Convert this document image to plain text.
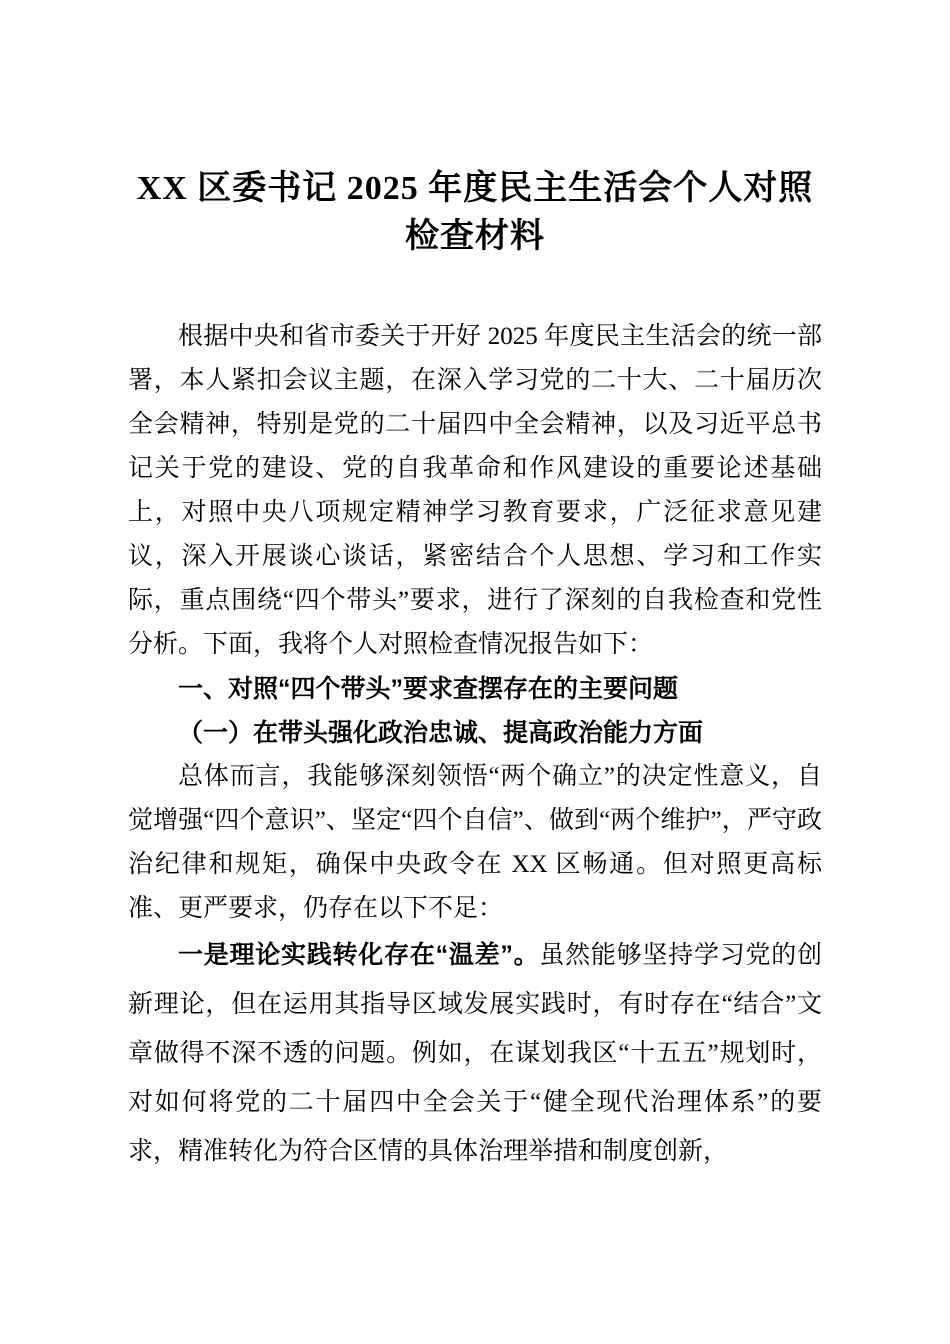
XX 区委书记 2025 年度民主生活会个人对照检查材料

根据中央和省市委关于开好 2025 年度民主生活会的统一部署，本人紧扣会议主题，在深入学习党的二十大、二十届历次全会精神，特别是党的二十届四中全会精神，以及习近平总书记关于党的建设、党的自我革命和作风建设的重要论述基础上，对照中央八项规定精神学习教育要求，广泛征求意见建议，深入开展谈心谈话，紧密结合个人思想、学习和工作实际，重点围绕“四个带头”要求，进行了深刻的自我检查和党性分析。下面，我将个人对照检查情况报告如下：

一、对照“四个带头”要求查摆存在的主要问题

（一）在带头强化政治忠诚、提高政治能力方面

总体而言，我能够深刻领悟“两个确立”的决定性意义，自觉增强“四个意识”、坚定“四个自信”、做到“两个维护”，严守政治纪律和规矩，确保中央政令在 XX 区畅通。但对照更高标准、更严要求，仍存在以下不足：

一是理论实践转化存在“温差”。虽然能够坚持学习党的创新理论，但在运用其指导区域发展实践时，有时存在“结合”文章做得不深不透的问题。例如，在谋划我区“十五五”规划时，对如何将党的二十届四中全会关于“健全现代治理体系”的要求，精准转化为符合区情的具体治理举措和制度创新，
